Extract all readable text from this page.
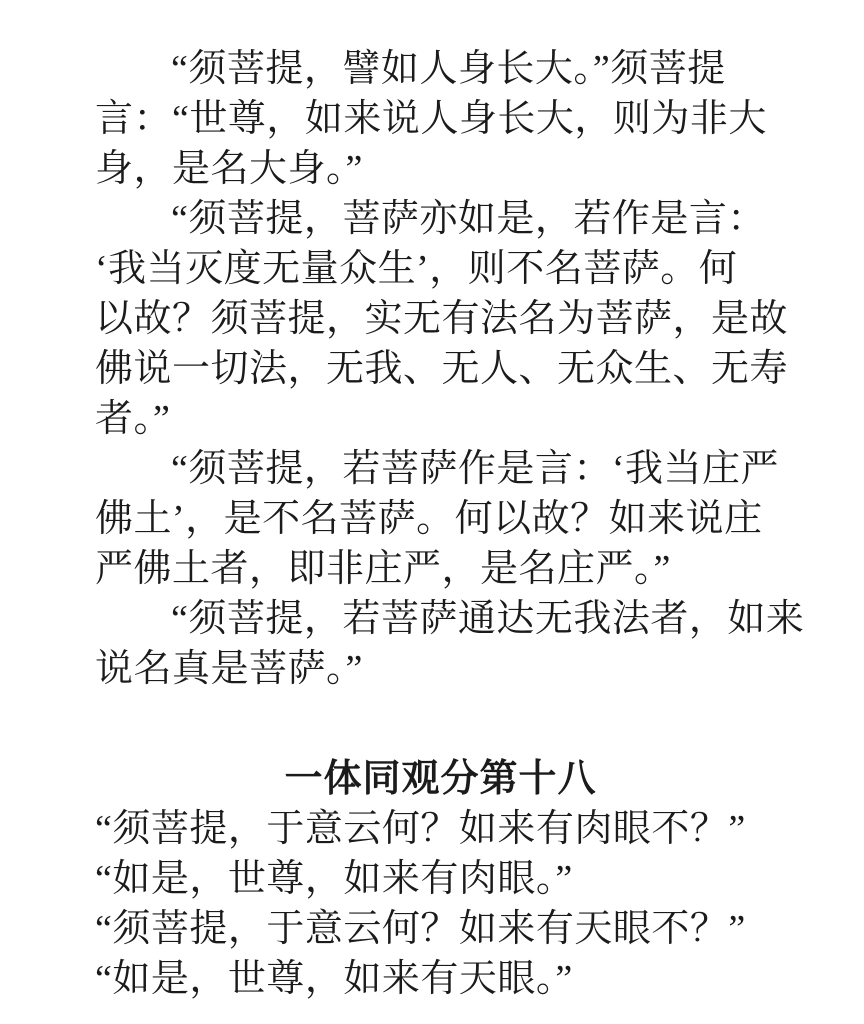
“须菩提，譬如人身长大。”须菩提
言：“世尊，如来说人身长大，则为非大
身，是名大身。”
“须菩提，菩萨亦如是，若作是言：
‘我当灭度无量众生’，则不名菩萨。何
以故？须菩提，实无有法名为菩萨，是故
佛说一切法，无我、无人、无众生、无寿
者。”
“须菩提，若菩萨作是言：‘我当庄严
佛土’，是不名菩萨。何以故？如来说庄
严佛土者，即非庄严，是名庄严。”
“须菩提，若菩萨通达无我法者，如来
说名真是菩萨。”
一体同观分第十八
“须菩提，于意云何？如来有肉眼不？”
“如是，世尊，如来有肉眼。”
“须菩提，于意云何？如来有天眼不？”
“如是，世尊，如来有天眼。”
